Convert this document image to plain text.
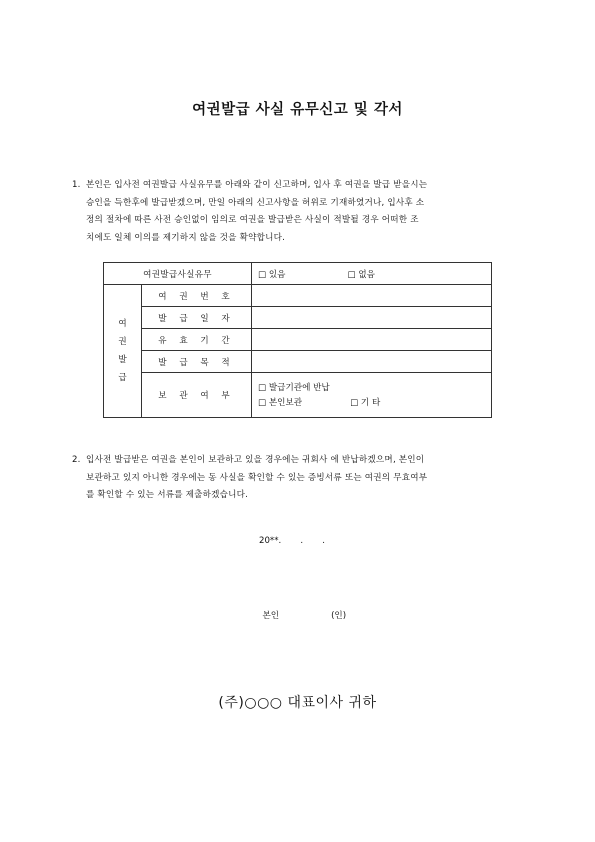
여권발급 사실 유무신고 및 각서
1. 본인은 입사전 여권발급 사실유무를 아래와 같이 신고하며, 입사 후 여권을 발급 받을시는
승인을 득한후에 발급받겠으며, 만일 아래의 신고사항을 허위로 기재하였거나, 입사후 소
정의 절차에 따른 사전 승인없이 임의로 여권을 발급받은 사실이 적발될 경우 어떠한 조
치에도 일체 이의를 제기하지 않을 것을 확약합니다.
여권발급사실유무		□ 있음 □ 없음

여
권
발
급	여 권 번 호	
	발 급 일 자	
	유 효 기 간	
	발 급 목 적	
	보 관 여 부	□ 발급기관에 반납
□ 본인보관 □ 기 타
2. 입사전 발급받은 여권을 본인이 보관하고 있을 경우에는 귀회사 에 반납하겠으며, 본인이
보관하고 있지 아니한 경우에는 동 사실을 확인할 수 있는 증빙서류 또는 여권의 무효여부
를 확인할 수 있는 서류를 제출하겠습니다.
20**.       .       .

본인	(인)

(주)○○○ 대표이사 귀하
